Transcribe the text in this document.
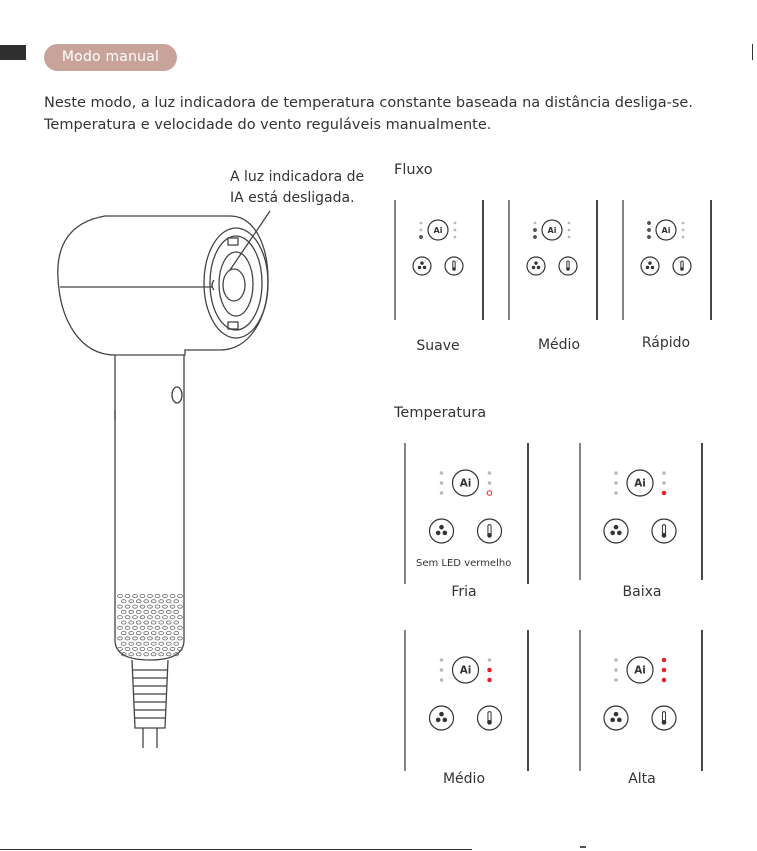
Modo manual

Neste modo, a luz indicadora de temperatura constante baseada na distância desliga-se.

Temperatura e velocidade do vento reguláveis manualmente.

A luz indicadora de
IA está desligada.
Fluxo
Ai	Ai	Ai
Ai	Ai
Ai	Ai
Suave	Médio	Rápido
Temperatura
Sem LED vermelho
Fria	Baixa
Médio	Alta
